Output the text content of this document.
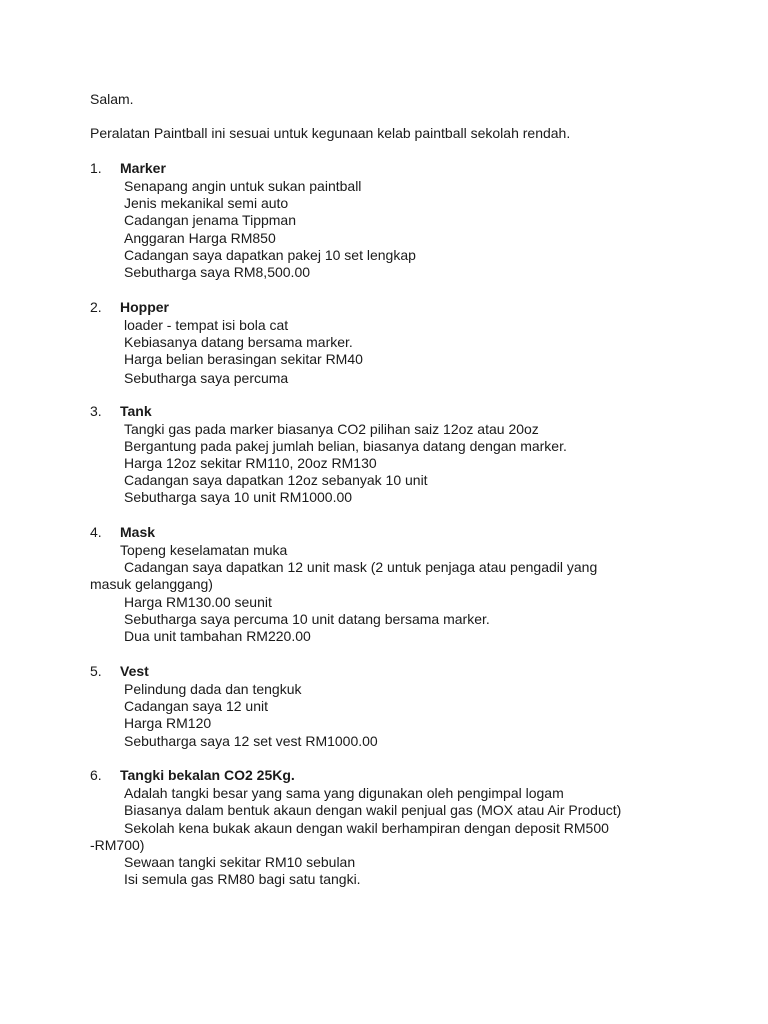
Salam.
Peralatan Paintball ini sesuai untuk kegunaan kelab paintball sekolah rendah.
1. Marker
Senapang angin untuk sukan paintball
Jenis mekanikal semi auto
Cadangan jenama Tippman
Anggaran Harga RM850
Cadangan saya dapatkan pakej 10 set lengkap
Sebutharga saya RM8,500.00
2. Hopper
loader - tempat isi bola cat
Kebiasanya datang bersama marker.
Harga belian berasingan sekitar RM40
Sebutharga saya percuma
3. Tank
Tangki gas pada marker biasanya CO2 pilihan saiz 12oz atau 20oz
Bergantung pada pakej jumlah belian, biasanya datang dengan marker.
Harga 12oz sekitar RM110, 20oz RM130
Cadangan saya dapatkan 12oz sebanyak 10 unit
Sebutharga saya 10 unit RM1000.00
4. Mask
Topeng keselamatan muka
Cadangan saya dapatkan 12 unit mask (2 untuk penjaga atau pengadil yang
masuk gelanggang)
Harga RM130.00 seunit
Sebutharga saya percuma 10 unit datang bersama marker.
Dua unit tambahan RM220.00
5. Vest
Pelindung dada dan tengkuk
Cadangan saya 12 unit
Harga RM120
Sebutharga saya 12 set vest RM1000.00
6. Tangki bekalan CO2 25Kg.
Adalah tangki besar yang sama yang digunakan oleh pengimpal logam
Biasanya dalam bentuk akaun dengan wakil penjual gas (MOX atau Air Product)
Sekolah kena bukak akaun dengan wakil berhampiran dengan deposit RM500
-RM700)
Sewaan tangki sekitar RM10 sebulan
Isi semula gas RM80 bagi satu tangki.
